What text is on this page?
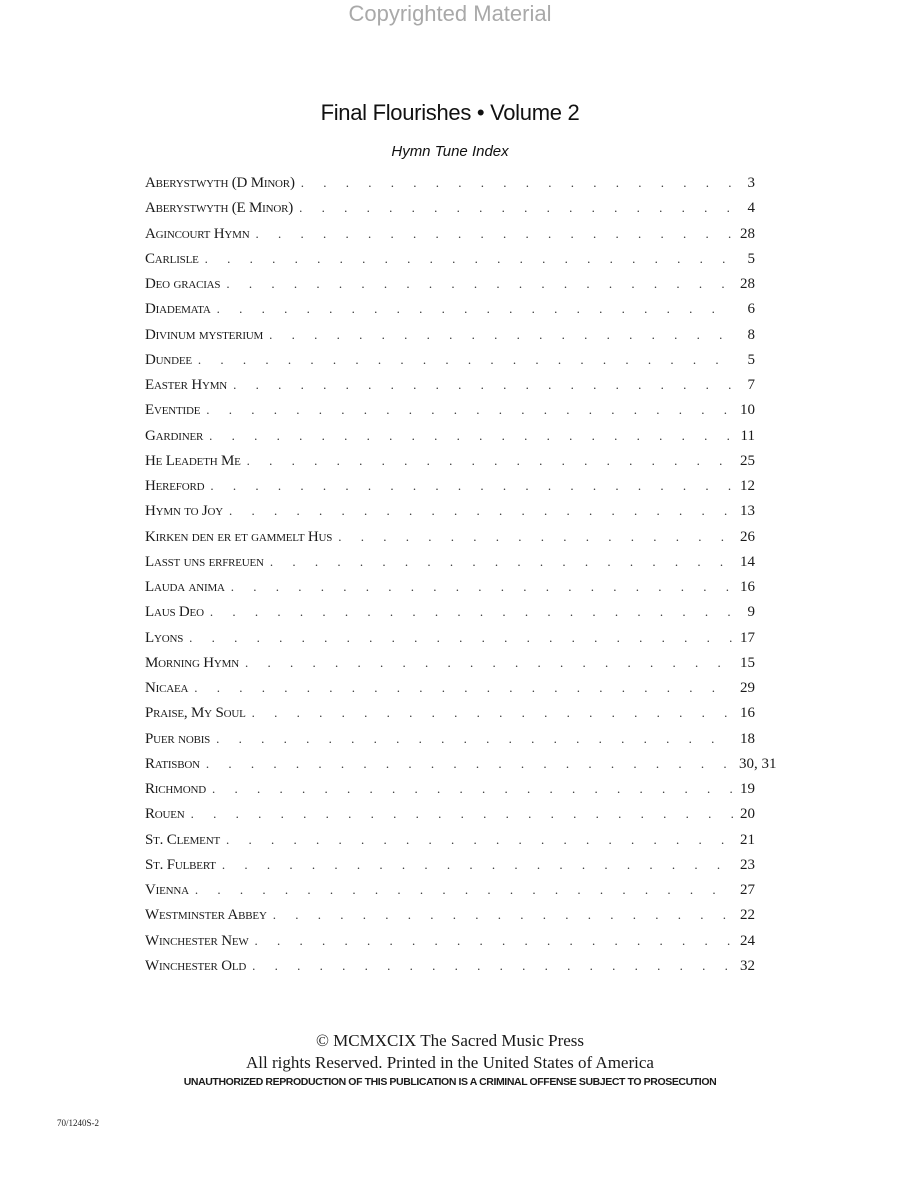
Copyrighted Material
Final Flourishes • Volume 2
Hymn Tune Index
Aberystwyth (D Minor) . . .	3
Aberystwyth (E Minor) . . .	4
Agincourt Hymn . . .	28
Carlisle . . .	5
Deo gracias . . .	28
Diademata . . .	6
Divinum mysterium . . .	8
Dundee . . .	5
Easter Hymn . . .	7
Eventide . . .	10
Gardiner . . .	11
He Leadeth Me . . .	25
Hereford . . .	12
Hymn to Joy . . .	13
Kirken den er et gammelt Hus . . .	26
Lasst uns erfreuen . . .	14
Lauda anima . . .	16
Laus Deo . . .	9
Lyons . . .	17
Morning Hymn . . .	15
Nicaea . . .	29
Praise, My Soul . . .	16
Puer nobis . . .	18
Ratisbon . . .	30, 31
Richmond . . .	19
Rouen . . .	20
St. Clement . . .	21
St. Fulbert . . .	23
Vienna . . .	27
Westminster Abbey . . .	22
Winchester New . . .	24
Winchester Old . . .	32
© MCMXCIX The Sacred Music Press
All rights Reserved. Printed in the United States of America
UNAUTHORIZED REPRODUCTION OF THIS PUBLICATION IS A CRIMINAL OFFENSE SUBJECT TO PROSECUTION
70/1240S-2
